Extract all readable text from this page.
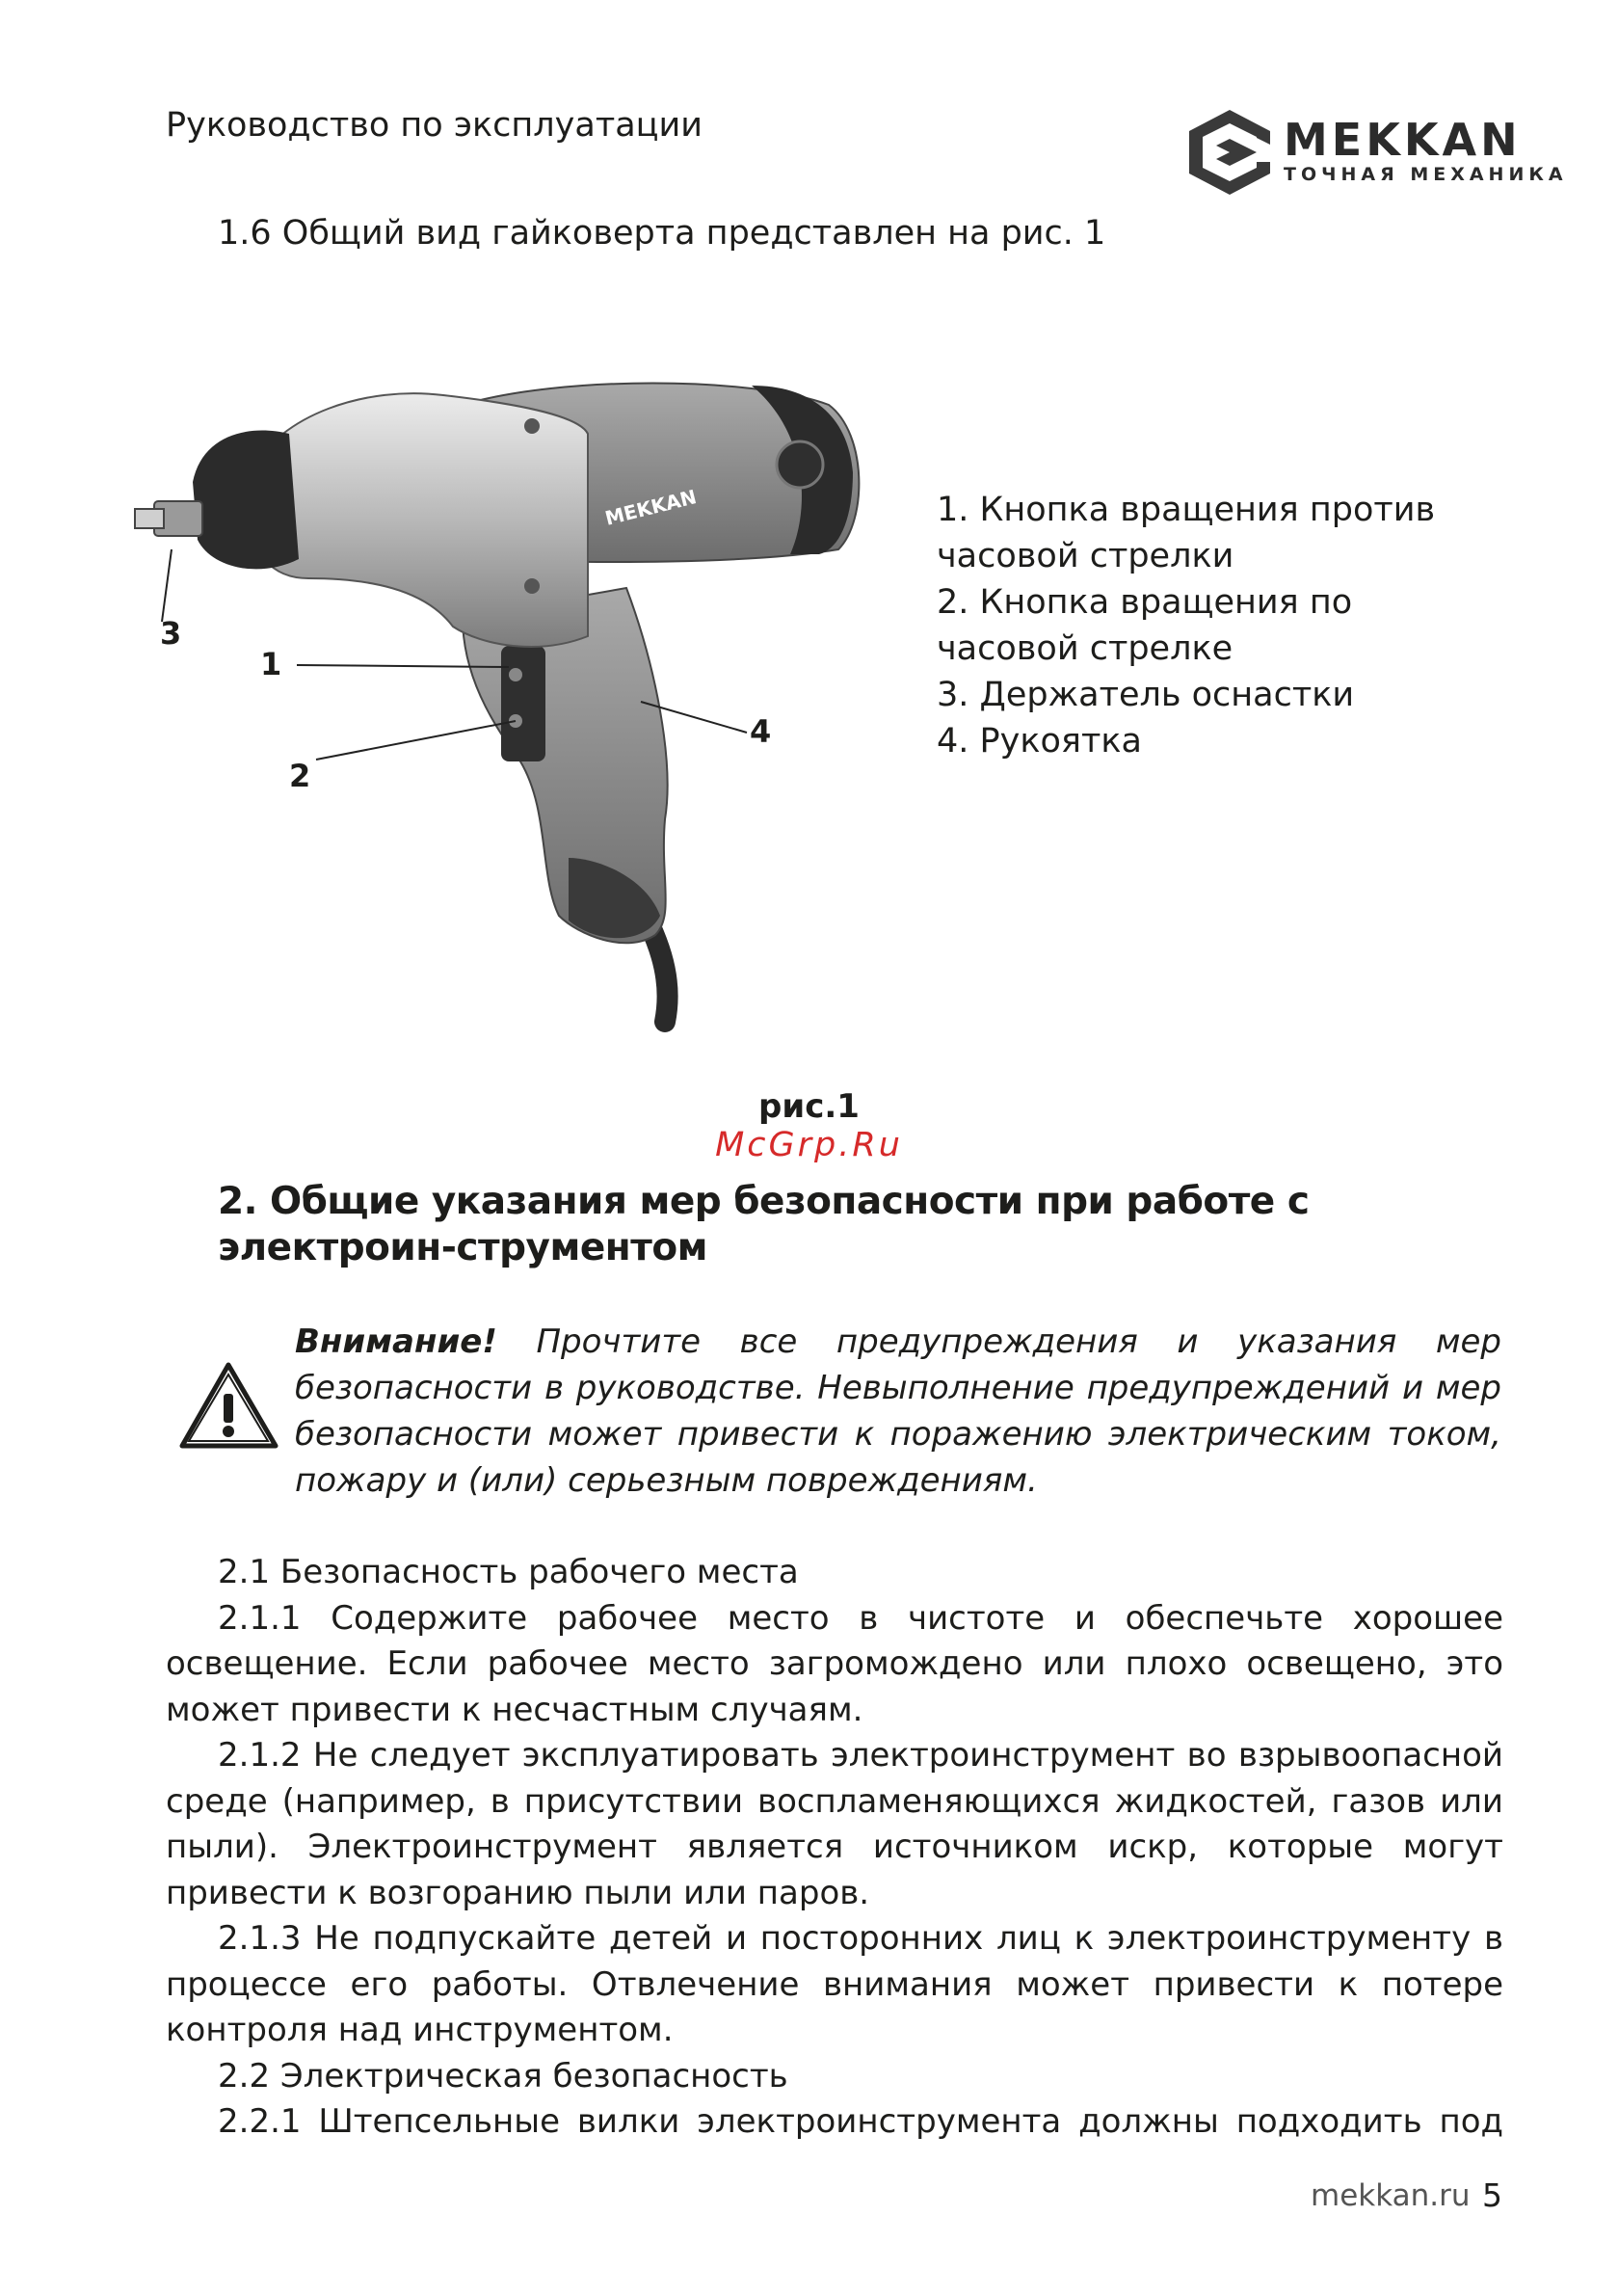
Руководство по эксплуатации	MEKKAN
ТОЧНАЯ МЕХАНИКА
1.6 Общий вид гайковерта представлен на рис. 1
MEKKAN
3
1
2
4
1. Кнопка вращения против
часовой стрелки
2. Кнопка вращения по
часовой стрелке
3. Держатель оснастки
4. Рукоятка
рис.1
McGrp.Ru
2. Общие указания мер безопасности при работе с электроин-струментом
Внимание! Прочтите все предупреждения и указания мер безопасности в руководстве. Невыполнение предупреждений и мер безопасности может привести к поражению электрическим током, пожару и (или) серьезным повреждениям.

2.1 Безопасность рабочего места

2.1.1 Содержите рабочее место в чистоте и обеспечьте хорошее освещение. Если рабочее место загромождено или плохо освещено, это может привести к несчастным случаям.

2.1.2 Не следует эксплуатировать электроинструмент во взрывоопасной среде (например, в присутствии воспламеняющихся жидкостей, газов или пыли). Электроинструмент является источником искр, которые могут привести к возгоранию пыли или паров.

2.1.3 Не подпускайте детей и посторонних лиц к электроинструменту в процессе его работы. Отвлечение внимания может привести к потере контроля над инструментом.

2.2 Электрическая безопасность

2.2.1 Штепсельные вилки электроинструмента должны подходить под

mekkan.ru 5
